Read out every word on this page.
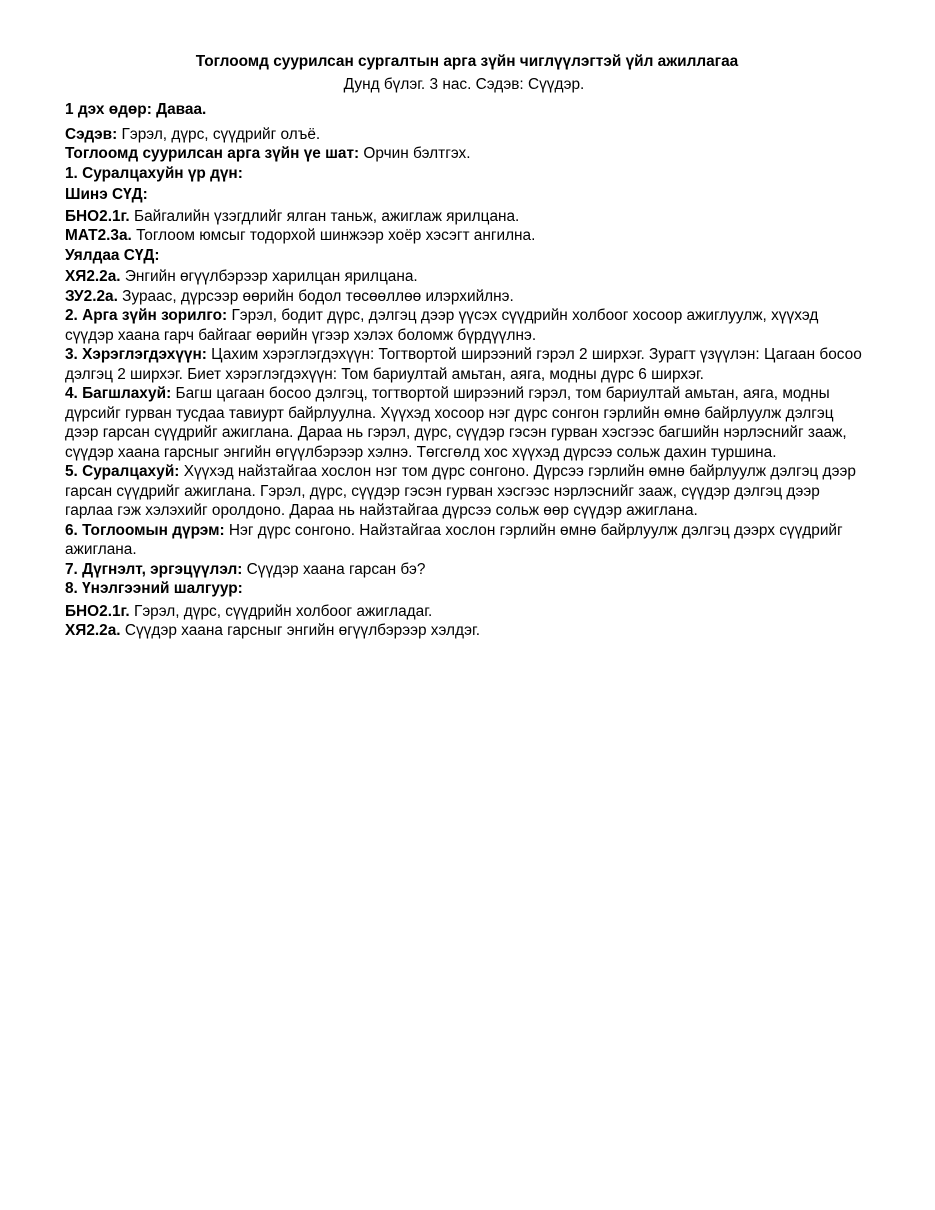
Тоглоомд суурилсан сургалтын арга зүйн чиглүүлэгтэй үйл ажиллагаа

Дунд бүлэг. 3 нас. Сэдэв: Сүүдэр.

1 дэх өдөр: Даваа.

Сэдэв: Гэрэл, дүрс, сүүдрийг олъё.

Тоглоомд суурилсан арга зүйн үе шат: Орчин бэлтгэх.

1. Суралцахуйн үр дүн:

Шинэ СҮД:

БНО2.1г. Байгалийн үзэгдлийг ялган таньж, ажиглаж ярилцана.

МАТ2.3а. Тоглоом юмсыг тодорхой шинжээр хоёр хэсэгт ангилна.

Уялдаа СҮД:

ХЯ2.2а. Энгийн өгүүлбэрээр харилцан ярилцана.

ЗУ2.2а. Зураас, дүрсээр өөрийн бодол төсөөллөө илэрхийлнэ.

2. Арга зүйн зорилго: Гэрэл, бодит дүрс, дэлгэц дээр үүсэх сүүдрийн холбоог хосоор ажиглуулж, хүүхэд сүүдэр хаана гарч байгааг өөрийн үгээр хэлэх боломж бүрдүүлнэ.

3. Хэрэглэгдэхүүн: Цахим хэрэглэгдэхүүн: Тогтвортой ширээний гэрэл 2 ширхэг. Зурагт үзүүлэн: Цагаан босоо дэлгэц 2 ширхэг. Биет хэрэглэгдэхүүн: Том бариултай амьтан, аяга, модны дүрс 6 ширхэг.

4. Багшлахуй: Багш цагаан босоо дэлгэц, тогтвортой ширээний гэрэл, том бариултай амьтан, аяга, модны дүрсийг гурван тусдаа тавиурт байрлуулна. Хүүхэд хосоор нэг дүрс сонгон гэрлийн өмнө байрлуулж дэлгэц дээр гарсан сүүдрийг ажиглана. Дараа нь гэрэл, дүрс, сүүдэр гэсэн гурван хэсгээс багшийн нэрлэснийг зааж, сүүдэр хаана гарсныг энгийн өгүүлбэрээр хэлнэ. Төгсгөлд хос хүүхэд дүрсээ сольж дахин туршина.

5. Суралцахуй: Хүүхэд найзтайгаа хослон нэг том дүрс сонгоно. Дүрсээ гэрлийн өмнө байрлуулж дэлгэц дээр гарсан сүүдрийг ажиглана. Гэрэл, дүрс, сүүдэр гэсэн гурван хэсгээс нэрлэснийг зааж, сүүдэр дэлгэц дээр гарлаа гэж хэлэхийг оролдоно. Дараа нь найзтайгаа дүрсээ сольж өөр сүүдэр ажиглана.

6. Тоглоомын дүрэм: Нэг дүрс сонгоно. Найзтайгаа хослон гэрлийн өмнө байрлуулж дэлгэц дээрх сүүдрийг ажиглана.

7. Дүгнэлт, эргэцүүлэл: Сүүдэр хаана гарсан бэ?

8. Үнэлгээний шалгуур:

БНО2.1г. Гэрэл, дүрс, сүүдрийн холбоог ажигладаг.

ХЯ2.2а. Сүүдэр хаана гарсныг энгийн өгүүлбэрээр хэлдэг.
